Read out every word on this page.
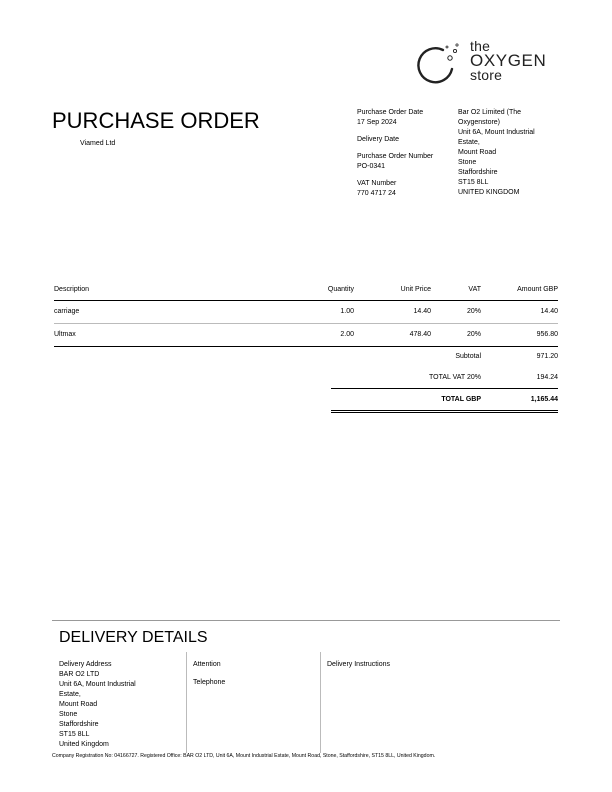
the
OXYGEN
store
PURCHASE ORDER
Viamed Ltd
Purchase Order Date
17 Sep 2024
Delivery Date
Purchase Order Number
PO-0341
VAT Number
770 4717 24
Bar O2 Limited (The
Oxygenstore)
Unit 6A, Mount Industrial
Estate,
Mount Road
Stone
Staffordshire
ST15 8LL
UNITED KINGDOM
Description	Quantity	Unit Price	VAT	Amount GBP
carriage	1.00	14.40	20%	14.40
Ultmax	2.00	478.40	20%	956.80
Subtotal	971.20
TOTAL VAT 20%	194.24
TOTAL GBP	1,165.44
DELIVERY DETAILS
Delivery Address
BAR O2 LTD
Unit 6A, Mount Industrial
Estate,
Mount Road
Stone
Staffordshire
ST15 8LL
United Kingdom
Attention
Telephone
Delivery Instructions
Company Registration No: 04166727. Registered Office: BAR O2 LTD, Unit 6A, Mount Industrial Estate, Mount Road, Stone, Staffordshire, ST15 8LL, United Kingdom.
